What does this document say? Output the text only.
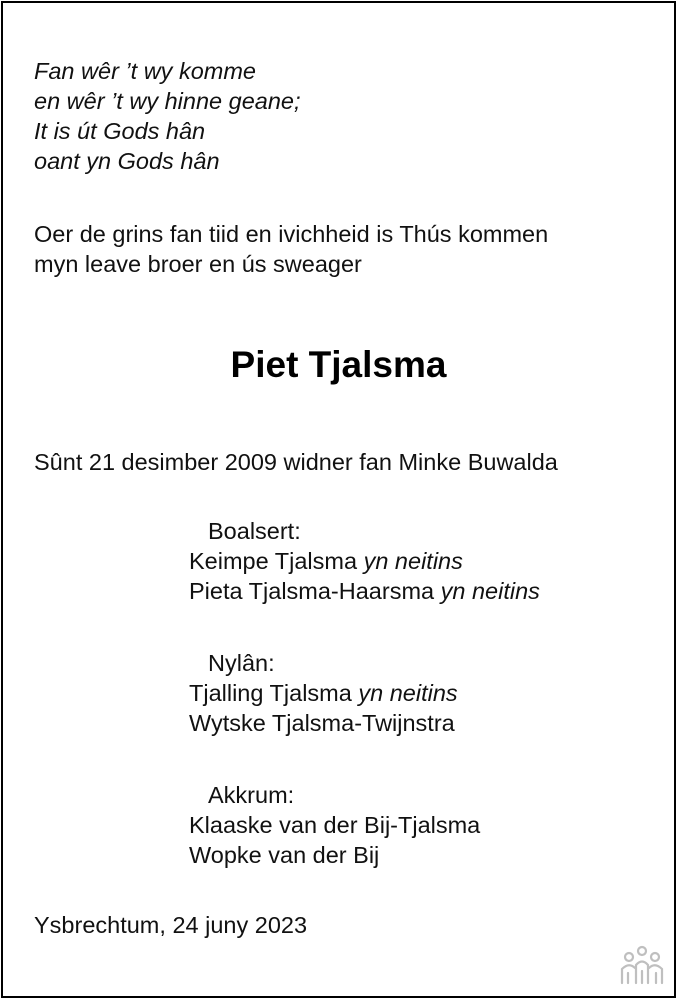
Fan wêr ’t wy komme
en wêr ’t wy hinne geane;
It is út Gods hân
oant yn Gods hân
Oer de grins fan tiid en ivichheid is Thús kommen
myn leave broer en ús sweager
Piet Tjalsma
Sûnt 21 desimber 2009 widner fan Minke Buwalda
Boalsert:
Keimpe Tjalsma yn neitins
Pieta Tjalsma-Haarsma yn neitins
Nylân:
Tjalling Tjalsma yn neitins
Wytske Tjalsma-Twijnstra
Akkrum:
Klaaske van der Bij-Tjalsma
Wopke van der Bij
Ysbrechtum, 24 juny 2023
